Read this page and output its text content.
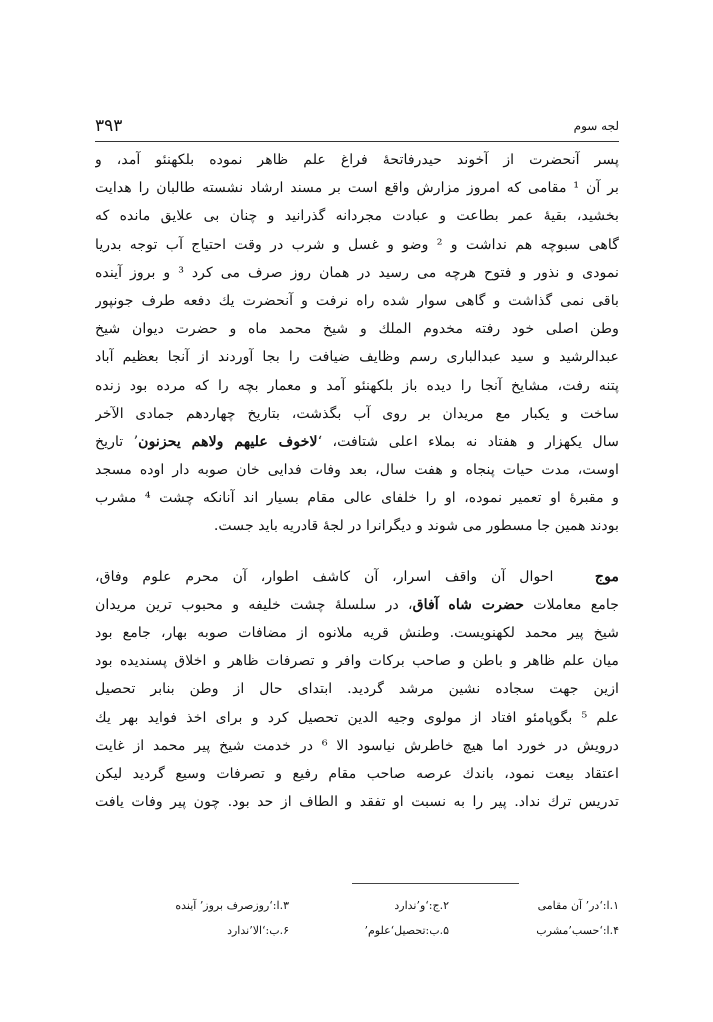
۳۹۳	لجه سوم
پسر آنحضرت از آخوند حیدرفاتحۀ فراغ علم ظاهر نموده بلکهنئو آمد، و
بر آن ¹ مقامی که امروز مزارش واقع است بر مسند ارشاد نشسته طالبان را هدایت
بخشید، بقیۀ عمر بطاعت و عبادت مجردانه گذرانید و چنان بی علایق مانده که
گاهی سبوچه هم نداشت و ² وضو و غسل و شرب در وقت احتیاج آب توجه بدریا
نمودی و نذور و فتوح هرچه می رسید در همان روز صرف می کرد ³ و بروز آینده
باقی نمی گذاشت و گاهی سوار شده راه نرفت و آنحضرت یك دفعه طرف جونپور
وطن اصلی خود رفته مخدوم الملك و شیخ محمد ماه و حضرت دیوان شیخ
عبدالرشید و سید عبدالباری رسم وظایف ضیافت را بجا آوردند از آنجا بعظیم آباد
پتنه رفت، مشایخ آنجا را دیده باز بلکهنئو آمد و معمار بچه را که مرده بود زنده
ساخت و یکبار مع مریدان بر روی آب بگذشت، بتاریخ چهاردهم جمادی الآخر
سال یکهزار و هفتاد نه بملاء اعلی شتافت، ‘لاخوف علیهم ولاهم یحزنون’ تاریخ
اوست، مدت حیات پنجاه و هفت سال، بعد وفات فدایی خان صوبه دار اوده مسجد
و مقبرۀ او تعمیر نموده، او را خلفای عالی مقام بسیار اند آنانکه چشت ⁴ مشرب
بودند همین جا مسطور می شوند و دیگرانرا در لجۀ قادریه باید جست.
موج   احوال آن واقف اسرار، آن کاشف اطوار، آن محرم علوم وفاق،
جامع معاملات حضرت شاه آفاق، در سلسلۀ چشت خلیفه و محبوب ترین مریدان
شیخ پیر محمد لکهنویست. وطنش قریه ملانوه از مضافات صوبه بهار، جامع بود
میان علم ظاهر و باطن و صاحب برکات وافر و تصرفات ظاهر و اخلاق پسندیده بود
ازین جهت سجاده نشین مرشد گردید. ابتدای حال از وطن بنابر تحصیل
علم ⁵ بگوپامئو افتاد از مولوی وجیه الدین تحصیل کرد و برای اخذ فواید بهر یك
درویش در خورد اما هیچ خاطرش نیاسود الا ⁶ در خدمت شیخ پیر محمد از غایت
اعتقاد بیعت نمود، باندك عرصه صاحب مقام رفیع و تصرفات وسیع گردید لیکن
تدریس ترك نداد. پیر را به نسبت او تفقد و الطاف از حد بود. چون پیر وفات یافت
۱.ا:‘در’ آن مقامی
۲.ج:‘و’ندارد
۳.ا:‘روزصرف بروز’ آینده
۴.ا:‘حسب’مشرب
۵.ب:تحصیل‘علوم’
۶.ب:‘الا’ندارد
